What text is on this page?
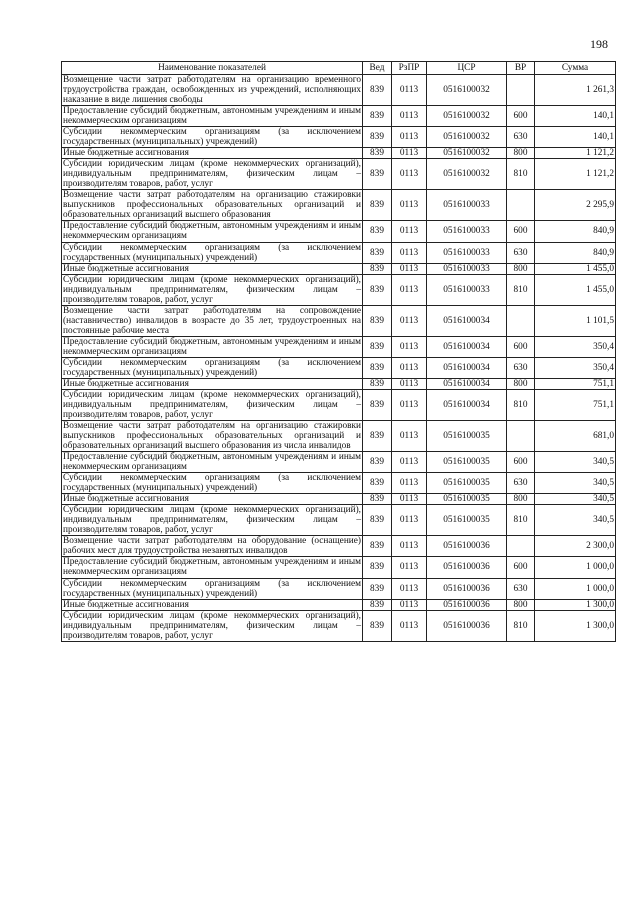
198
Наименование показателей	Вед	РзПР	ЦСР	ВР	Сумма
Возмещение части затрат работодателям на организацию временного трудоустройства граждан, освобожденных из учреждений, исполняющих наказание в виде лишения свободы	839	0113	0516100032		1 261,3
Предоставление субсидий бюджетным, автономным учреждениям и иным некоммерческим организациям	839	0113	0516100032	600	140,1
Субсидии некоммерческим организациям (за исключением государственных (муниципальных) учреждений)	839	0113	0516100032	630	140,1
Иные бюджетные ассигнования	839	0113	0516100032	800	1 121,2
Субсидии юридическим лицам (кроме некоммерческих организаций), индивидуальным предпринимателям, физическим лицам – производителям товаров, работ, услуг	839	0113	0516100032	810	1 121,2
Возмещение части затрат работодателям на организацию стажировки выпускников профессиональных образовательных организаций и образовательных организаций высшего образования	839	0113	0516100033		2 295,9
Предоставление субсидий бюджетным, автономным учреждениям и иным некоммерческим организациям	839	0113	0516100033	600	840,9
Субсидии некоммерческим организациям (за исключением государственных (муниципальных) учреждений)	839	0113	0516100033	630	840,9
Иные бюджетные ассигнования	839	0113	0516100033	800	1 455,0
Субсидии юридическим лицам (кроме некоммерческих организаций), индивидуальным предпринимателям, физическим лицам – производителям товаров, работ, услуг	839	0113	0516100033	810	1 455,0
Возмещение части затрат работодателям на сопровождение (наставничество) инвалидов в возрасте до 35 лет, трудоустроенных на постоянные рабочие места	839	0113	0516100034		1 101,5
Предоставление субсидий бюджетным, автономным учреждениям и иным некоммерческим организациям	839	0113	0516100034	600	350,4
Субсидии некоммерческим организациям (за исключением государственных (муниципальных) учреждений)	839	0113	0516100034	630	350,4
Иные бюджетные ассигнования	839	0113	0516100034	800	751,1
Субсидии юридическим лицам (кроме некоммерческих организаций), индивидуальным предпринимателям, физическим лицам – производителям товаров, работ, услуг	839	0113	0516100034	810	751,1
Возмещение части затрат работодателям на организацию стажировки выпускников профессиональных образовательных организаций и образовательных организаций высшего образования из числа инвалидов	839	0113	0516100035		681,0
Предоставление субсидий бюджетным, автономным учреждениям и иным некоммерческим организациям	839	0113	0516100035	600	340,5
Субсидии некоммерческим организациям (за исключением государственных (муниципальных) учреждений)	839	0113	0516100035	630	340,5
Иные бюджетные ассигнования	839	0113	0516100035	800	340,5
Субсидии юридическим лицам (кроме некоммерческих организаций), индивидуальным предпринимателям, физическим лицам – производителям товаров, работ, услуг	839	0113	0516100035	810	340,5
Возмещение части затрат работодателям на оборудование (оснащение) рабочих мест для трудоустройства незанятых инвалидов	839	0113	0516100036		2 300,0
Предоставление субсидий бюджетным, автономным учреждениям и иным некоммерческим организациям	839	0113	0516100036	600	1 000,0
Субсидии некоммерческим организациям (за исключением государственных (муниципальных) учреждений)	839	0113	0516100036	630	1 000,0
Иные бюджетные ассигнования	839	0113	0516100036	800	1 300,0
Субсидии юридическим лицам (кроме некоммерческих организаций), индивидуальным предпринимателям, физическим лицам – производителям товаров, работ, услуг	839	0113	0516100036	810	1 300,0
